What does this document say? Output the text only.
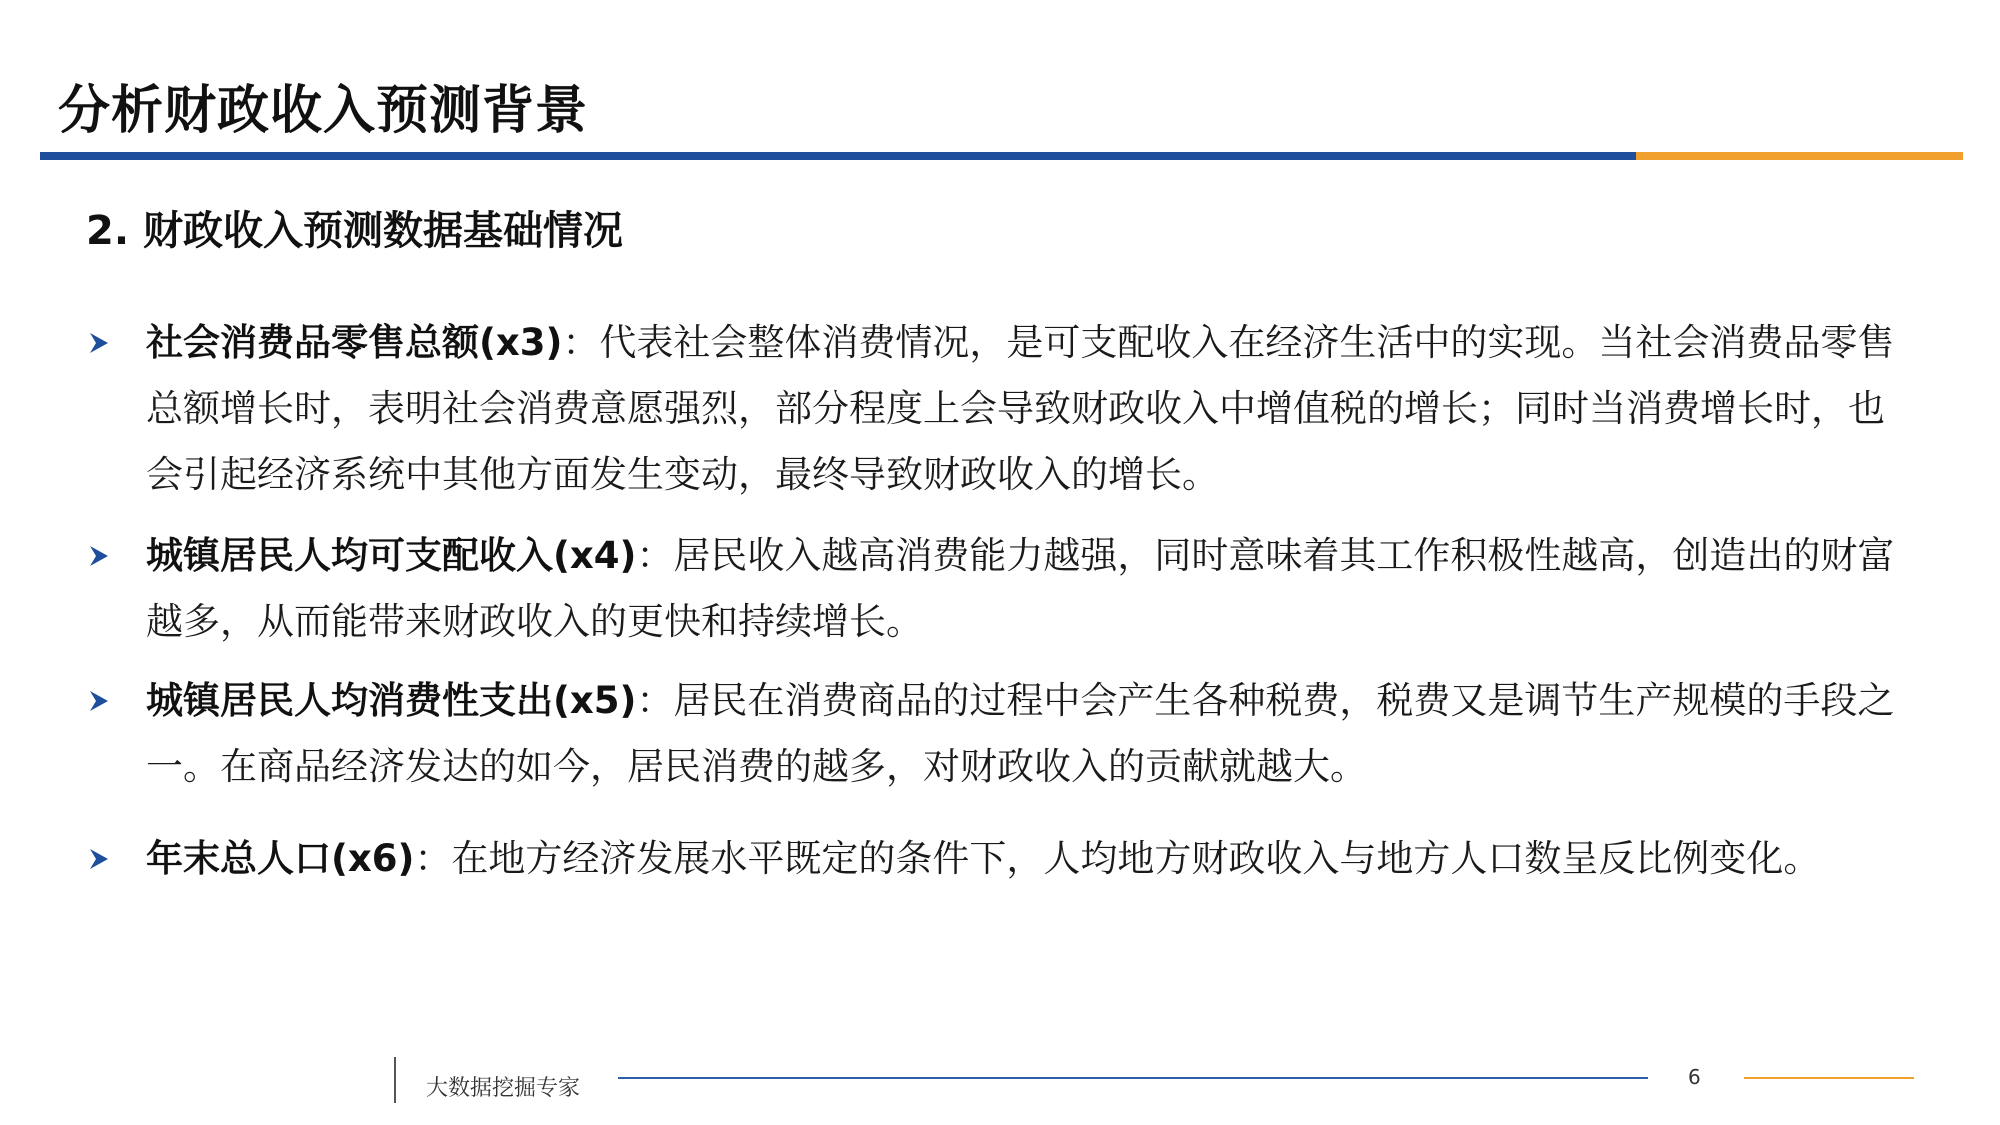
分析财政收入预测背景
2. 财政收入预测数据基础情况
社会消费品零售总额(x3)：代表社会整体消费情况，是可支配收入在经济生活中的实现。当社会消费品零售总额增长时，表明社会消费意愿强烈，部分程度上会导致财政收入中增值税的增长；同时当消费增长时，也会引起经济系统中其他方面发生变动，最终导致财政收入的增长。
城镇居民人均可支配收入(x4)：居民收入越高消费能力越强，同时意味着其工作积极性越高，创造出的财富越多，从而能带来财政收入的更快和持续增长。
城镇居民人均消费性支出(x5)：居民在消费商品的过程中会产生各种税费，税费又是调节生产规模的手段之一。在商品经济发达的如今，居民消费的越多，对财政收入的贡献就越大。
年末总人口(x6)：在地方经济发展水平既定的条件下，人均地方财政收入与地方人口数呈反比例变化。
大数据挖掘专家	6
